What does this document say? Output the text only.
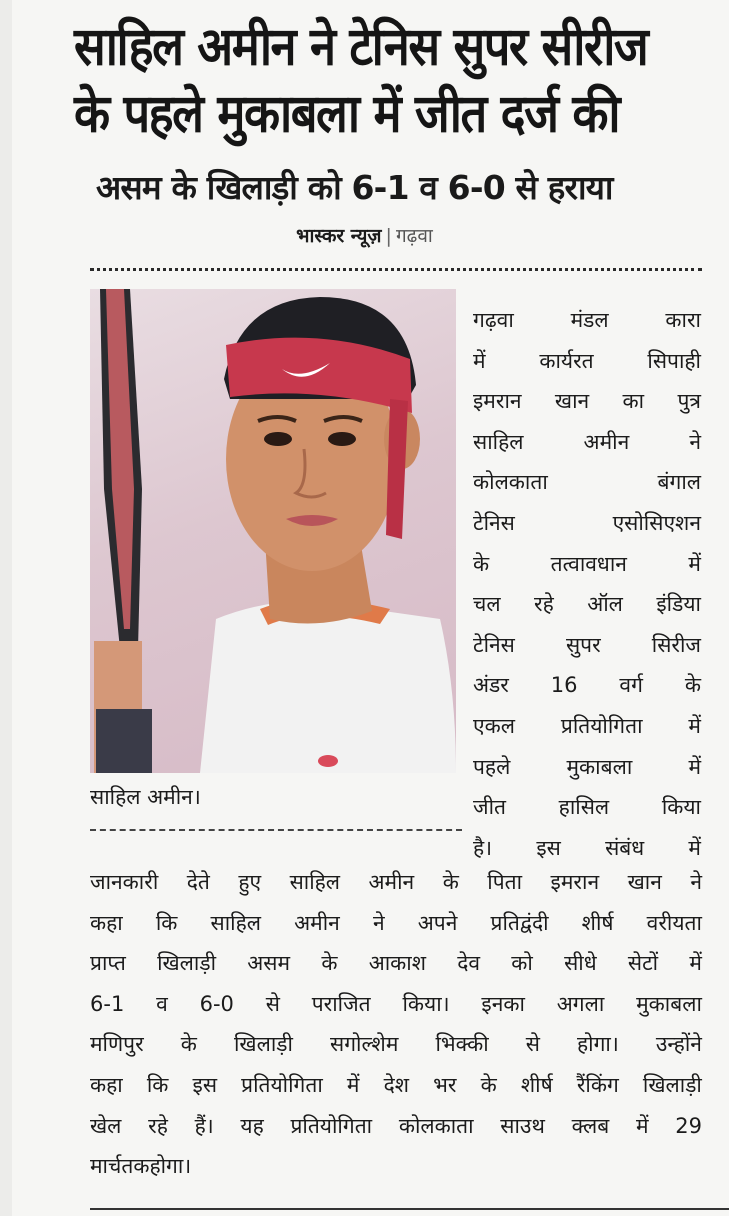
साहिल अमीन ने टेनिस सुपर सीरीज
के पहले मुकाबला में जीत दर्ज की
असम के खिलाड़ी को 6-1 व 6-0 से हराया
भास्कर न्यूज़ | गढ़वा
साहिल अमीन।
गढ़वा	मंडल	कारा
में	कार्यरत	सिपाही
इमरान खान का पुत्र
साहिल	अमीन	ने
कोलकाता	बंगाल
टेनिस	एसोसिएशन
के	तत्वावधान	में
चल रहे ऑल इंडिया
टेनिस सुपर सिरीज
अंडर 16 वर्ग के
एकल प्रतियोगिता में
पहले	मुकाबला	में
जीत	हासिल	किया
है। इस संबंध में
जानकारी देते हुए साहिल अमीन के पिता इमरान खान ने
कहा कि साहिल अमीन ने अपने प्रतिद्वंदी शीर्ष वरीयता
प्राप्त खिलाड़ी असम के आकाश देव को सीधे सेटों में
6-1 व 6-0 से पराजित किया। इनका अगला मुकाबला
मणिपुर के खिलाड़ी सगोल्शेम भिक्की से होगा। उन्होंने
कहा कि इस प्रतियोगिता में देश भर के शीर्ष रैंकिंग खिलाड़ी
खेल रहे हैं। यह प्रतियोगिता कोलकाता साउथ क्लब में 29
मार्च तक होगा।
